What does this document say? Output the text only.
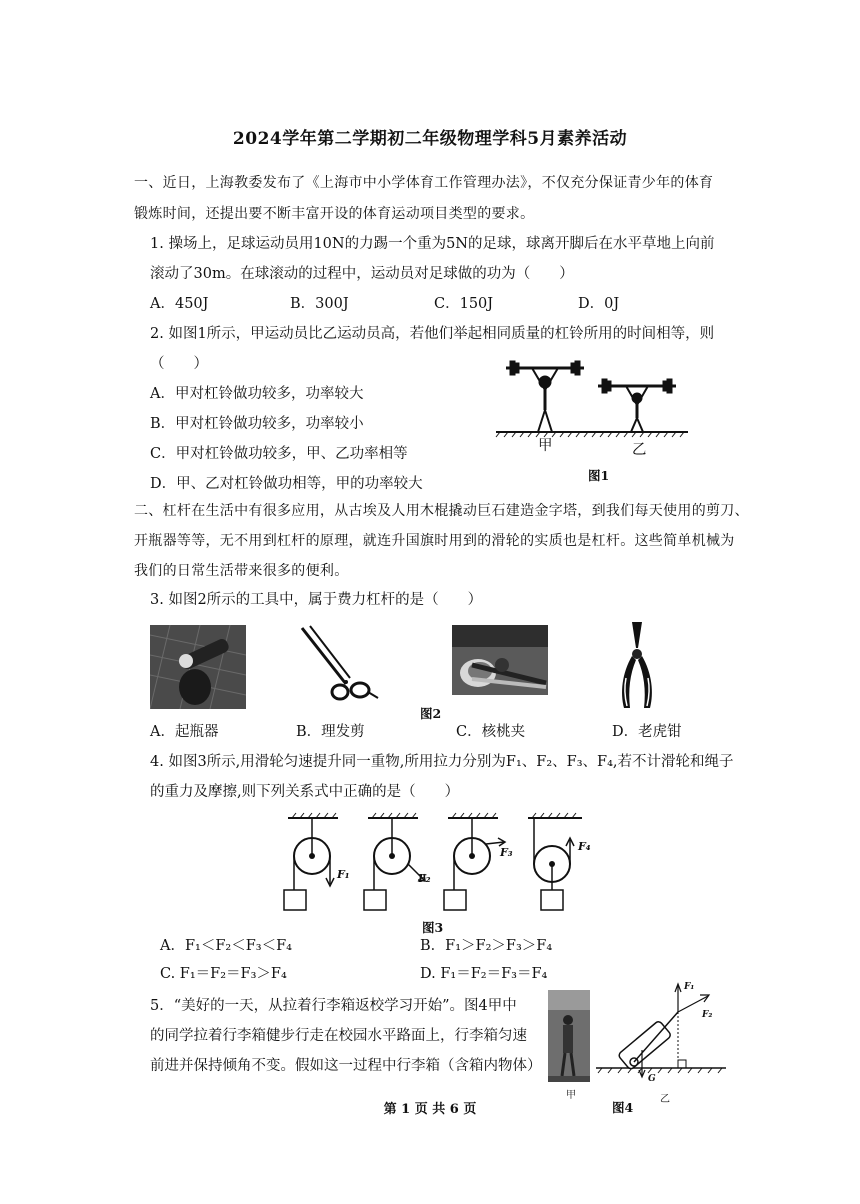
2024学年第二学期初二年级物理学科5月素养活动
一、近日，上海教委发布了《上海市中小学体育工作管理办法》，不仅充分保证青少年的体育
锻炼时间，还提出要不断丰富开设的体育运动项目类型的要求。
1. 操场上，足球运动员用10N的力踢一个重为5N的足球，球离开脚后在水平草地上向前
滚动了30m。在球滚动的过程中，运动员对足球做的功为（　　）
A．450J	B．300J	C．150J	D．0J
2. 如图1所示，甲运动员比乙运动员高，若他们举起相同质量的杠铃所用的时间相等，则
（　　）
A．甲对杠铃做功较多，功率较大
B．甲对杠铃做功较多，功率较小
C．甲对杠铃做功较多，甲、乙功率相等
D．甲、乙对杠铃做功相等，甲的功率较大
甲	乙
图1
二、杠杆在生活中有很多应用，从古埃及人用木棍撬动巨石建造金字塔，到我们每天使用的剪刀、
开瓶器等等，无不用到杠杆的原理，就连升国旗时用到的滑轮的实质也是杠杆。这些简单机械为
我们的日常生活带来很多的便利。
3. 如图2所示的工具中，属于费力杠杆的是（　　）
图2
A．起瓶器	B．理发剪	C．核桃夹	D．老虎钳
4. 如图3所示,用滑轮匀速提升同一重物,所用拉力分别为F₁、F₂、F₃、F₄,若不计滑轮和绳子
的重力及摩擦,则下列关系式中正确的是（　　）
F₁	F₂
F₃	F₄
图3
A．F₁＜F₂＜F₃＜F₄	B．F₁＞F₂＞F₃＞F₄
C. F₁＝F₂＝F₃＞F₄	D. F₁＝F₂＝F₃＝F₄
5．“美好的一天，从拉着行李箱返校学习开始”。图4甲中
的同学拉着行李箱健步行走在校园水平路面上，行李箱匀速
前进并保持倾角不变。假如这一过程中行李箱（含箱内物体）
F₁
F₂
G
甲	乙
图4
第 1 页 共 6 页
